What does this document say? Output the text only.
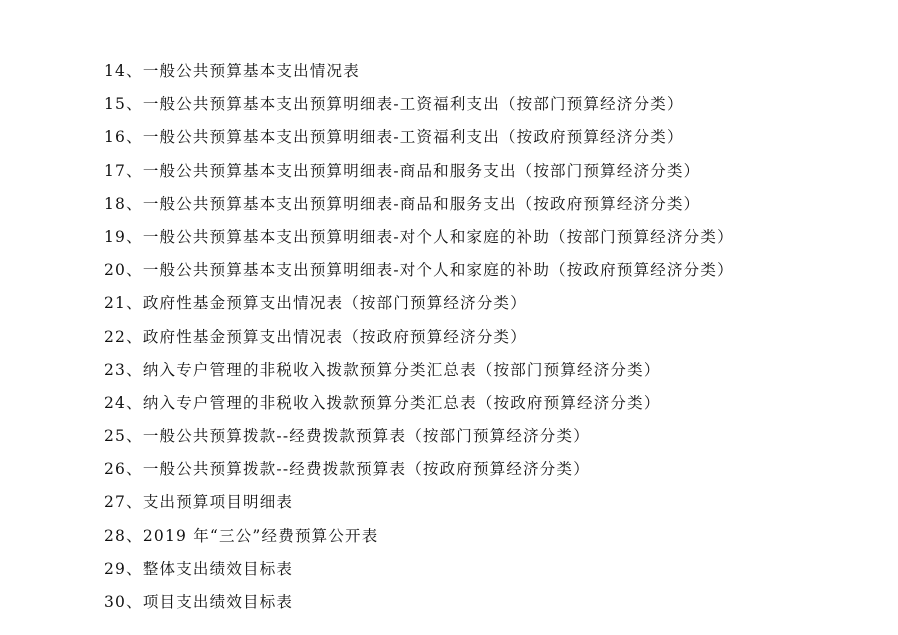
14、一般公共预算基本支出情况表
15、一般公共预算基本支出预算明细表-工资福利支出（按部门预算经济分类）
16、一般公共预算基本支出预算明细表-工资福利支出（按政府预算经济分类）
17、一般公共预算基本支出预算明细表-商品和服务支出（按部门预算经济分类）
18、一般公共预算基本支出预算明细表-商品和服务支出（按政府预算经济分类）
19、一般公共预算基本支出预算明细表-对个人和家庭的补助（按部门预算经济分类）
20、一般公共预算基本支出预算明细表-对个人和家庭的补助（按政府预算经济分类）
21、政府性基金预算支出情况表（按部门预算经济分类）
22、政府性基金预算支出情况表（按政府预算经济分类）
23、纳入专户管理的非税收入拨款预算分类汇总表（按部门预算经济分类）
24、纳入专户管理的非税收入拨款预算分类汇总表（按政府预算经济分类）
25、一般公共预算拨款--经费拨款预算表（按部门预算经济分类）
26、一般公共预算拨款--经费拨款预算表（按政府预算经济分类）
27、支出预算项目明细表
28、2019 年“三公”经费预算公开表
29、整体支出绩效目标表
30、项目支出绩效目标表
